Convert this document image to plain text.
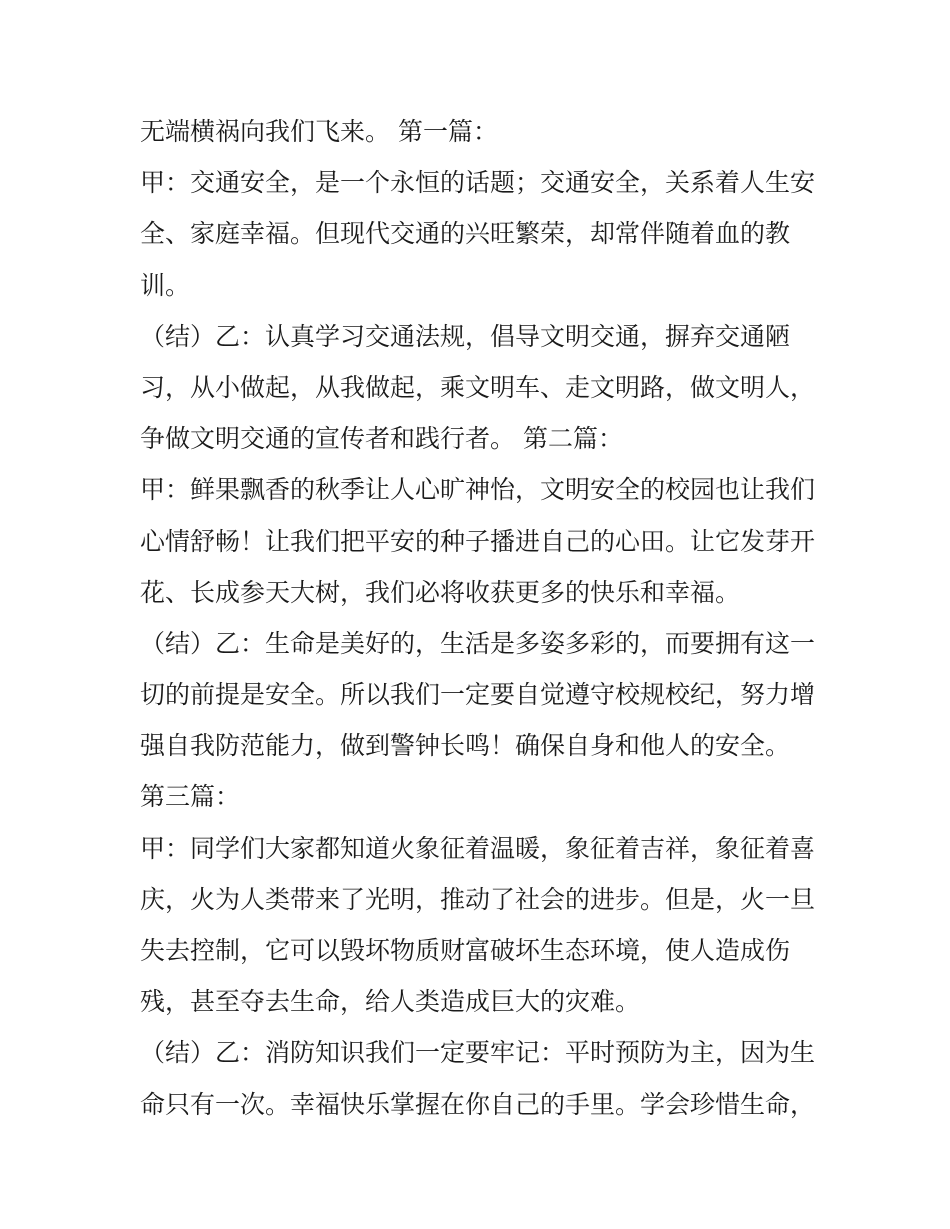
无端横祸向我们飞来。 第一篇：
甲：交通安全，是一个永恒的话题；交通安全，关系着人生安
全、家庭幸福。但现代交通的兴旺繁荣，却常伴随着血的教
训。
（结）乙：认真学习交通法规，倡导文明交通，摒弃交通陋
习，从小做起，从我做起，乘文明车、走文明路，做文明人，
争做文明交通的宣传者和践行者。 第二篇：
甲：鲜果飘香的秋季让人心旷神怡，文明安全的校园也让我们
心情舒畅！让我们把平安的种子播进自己的心田。让它发芽开
花、长成参天大树，我们必将收获更多的快乐和幸福。
（结）乙：生命是美好的，生活是多姿多彩的，而要拥有这一
切的前提是安全。所以我们一定要自觉遵守校规校纪，努力增
强自我防范能力，做到警钟长鸣！确保自身和他人的安全。
第三篇：
甲：同学们大家都知道火象征着温暖，象征着吉祥，象征着喜
庆，火为人类带来了光明，推动了社会的进步。但是，火一旦
失去控制，它可以毁坏物质财富破坏生态环境，使人造成伤
残，甚至夺去生命，给人类造成巨大的灾难。
（结）乙：消防知识我们一定要牢记：平时预防为主，因为生
命只有一次。幸福快乐掌握在你自己的手里。学会珍惜生命，
